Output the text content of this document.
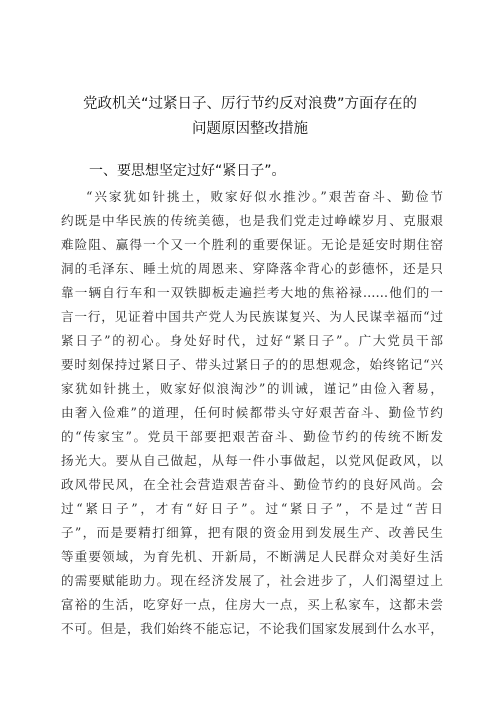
党政机关“过紧日子、厉行节约反对浪费”方面存在的
问题原因整改措施
一、要思想坚定过好“紧日子”。
“兴家犹如针挑土，败家好似水推沙。”艰苦奋斗、勤俭节
约既是中华民族的传统美德，也是我们党走过峥嵘岁月、克服艰
难险阻、赢得一个又一个胜利的重要保证。无论是延安时期住窑
洞的毛泽东、睡土炕的周恩来、穿降落伞背心的彭德怀，还是只
靠一辆自行车和一双铁脚板走遍拦考大地的焦裕禄……他们的一
言一行，见证着中国共产党人为民族谋复兴、为人民谋幸福而“过
紧日子”的初心。身处好时代，过好“紧日子”。广大党员干部
要时刻保持过紧日子、带头过紧日子的的思想观念，始终铭记“兴
家犹如针挑土，败家好似浪淘沙”的训诫，谨记”由俭入奢易，
由奢入俭难”的道理，任何时候都带头守好艰苦奋斗、勤俭节约
的“传家宝”。党员干部要把艰苦奋斗、勤俭节约的传统不断发
扬光大。要从自己做起，从每一件小事做起，以党风促政风，以
政风带民风，在全社会营造艰苦奋斗、勤俭节约的良好风尚。会
过“紧日子”，才有“好日子”。过“紧日子”，不是过“苦日
子”，而是要精打细算，把有限的资金用到发展生产、改善民生
等重要领域，为育先机、开新局，不断满足人民群众对美好生活
的需要赋能助力。现在经济发展了，社会进步了，人们渴望过上
富裕的生活，吃穿好一点，住房大一点，买上私家车，这都未尝
不可。但是，我们始终不能忘记，不论我们国家发展到什么水平，
